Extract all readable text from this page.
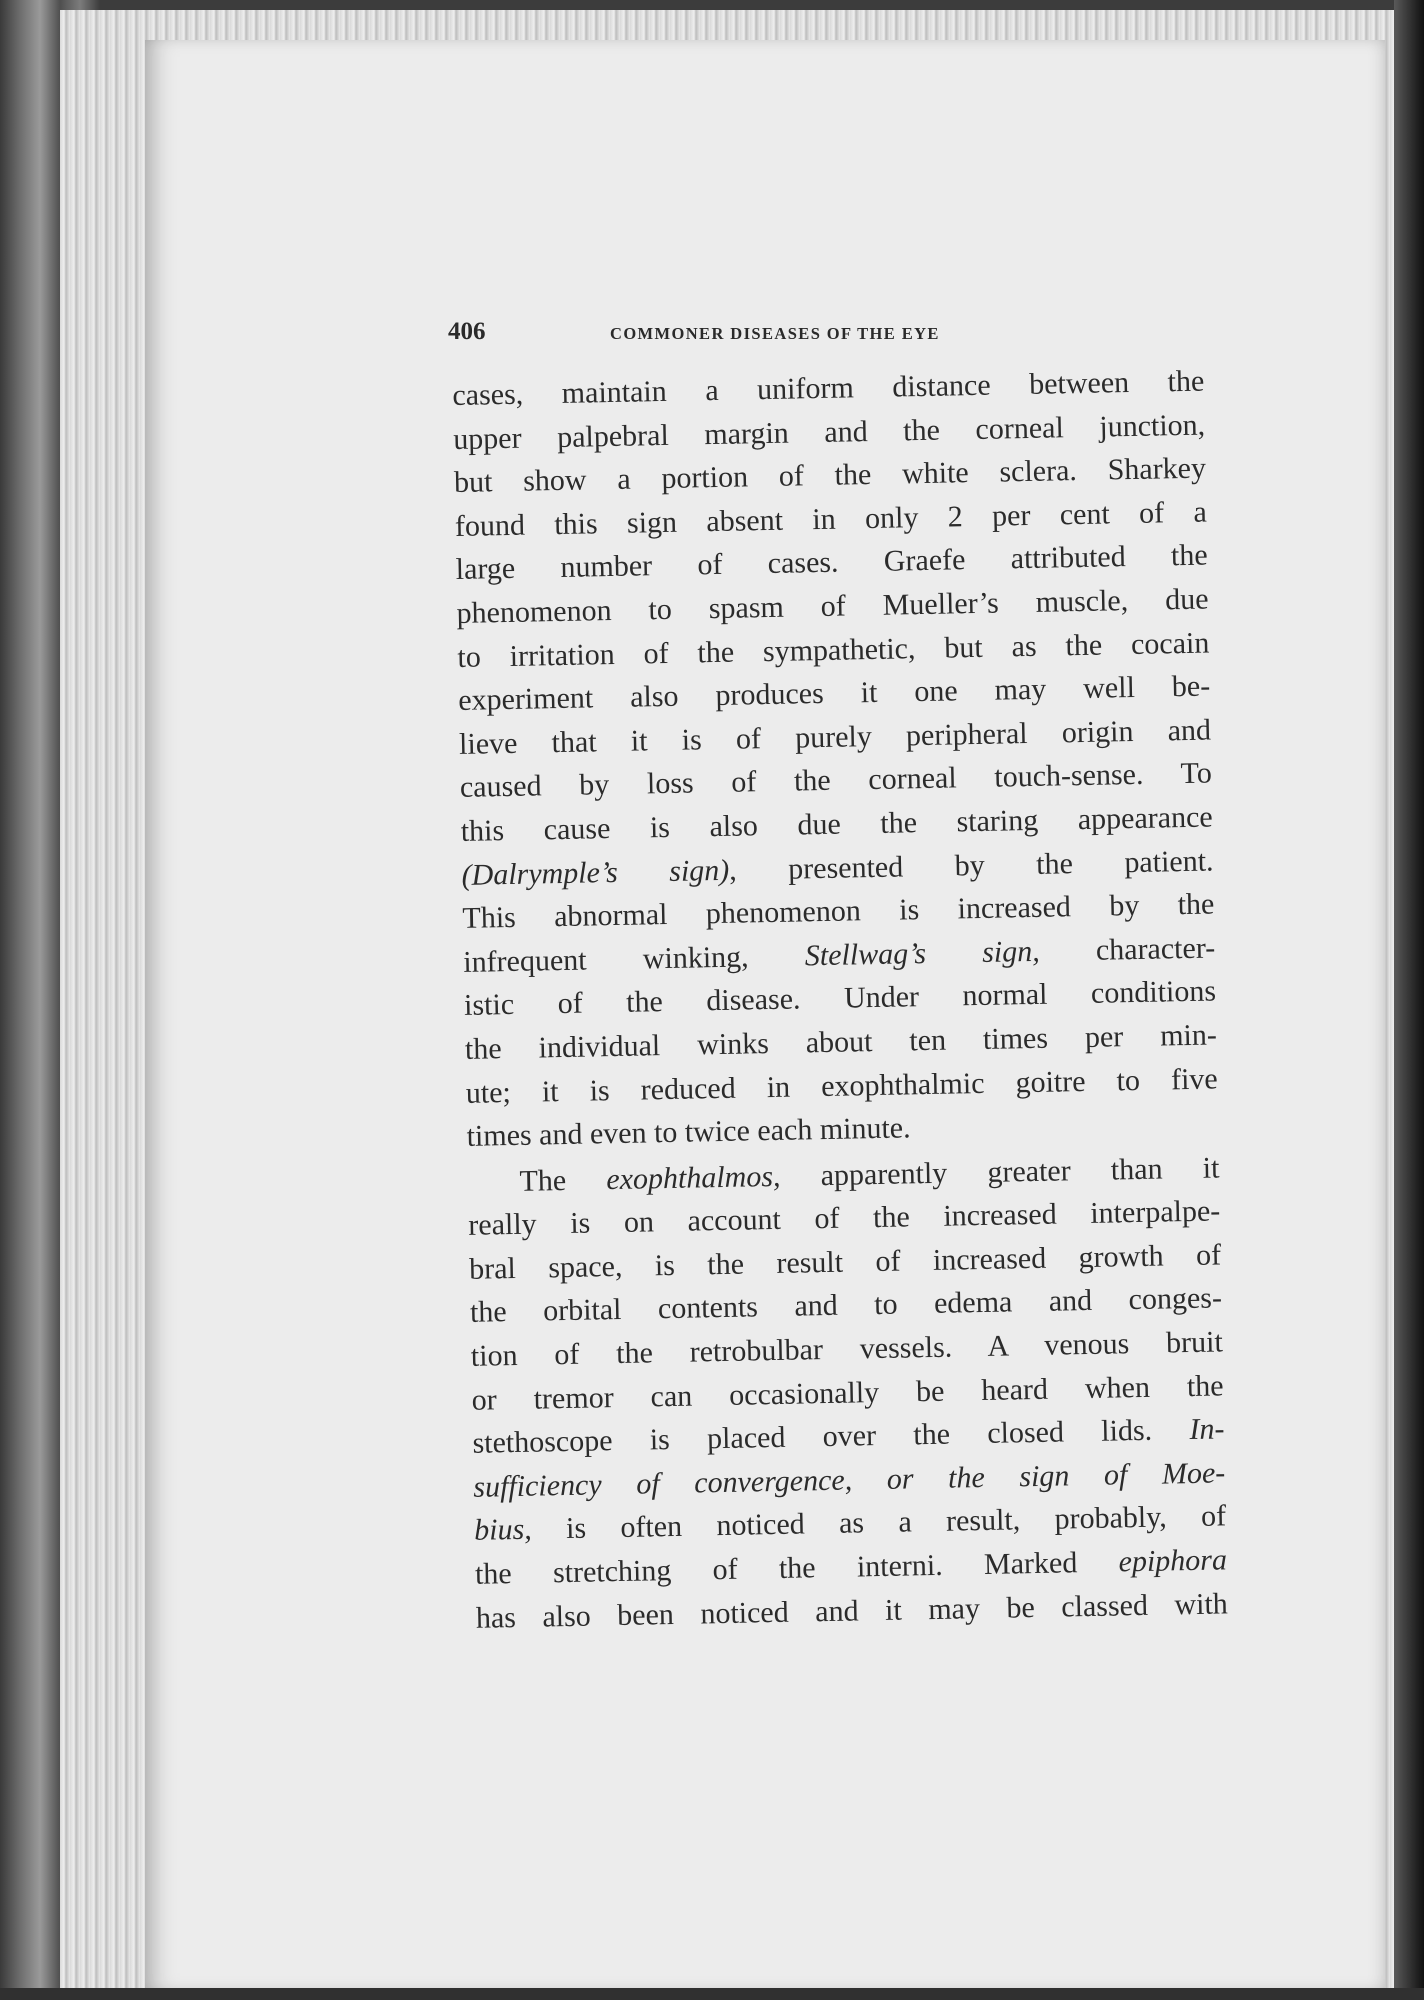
406	COMMONER DISEASES OF THE EYE
cases, maintain a uniform distance between the
upper palpebral margin and the corneal junction,
but show a portion of the white sclera. Sharkey
found this sign absent in only 2 per cent of a
large number of cases. Graefe attributed the
phenomenon to spasm of Mueller’s muscle, due
to irritation of the sympathetic, but as the cocain
experiment also produces it one may well be-
lieve that it is of purely peripheral origin and
caused by loss of the corneal touch-sense. To
this cause is also due the staring appearance
(Dalrymple’s sign), presented by the patient.
This abnormal phenomenon is increased by the
infrequent winking, Stellwag’s sign, character-
istic of the disease. Under normal conditions
the individual winks about ten times per min-
ute; it is reduced in exophthalmic goitre to five
times and even to twice each minute.
The exophthalmos, apparently greater than it
really is on account of the increased interpalpe-
bral space, is the result of increased growth of
the orbital contents and to edema and conges-
tion of the retrobulbar vessels. A venous bruit
or tremor can occasionally be heard when the
stethoscope is placed over the closed lids. In-
sufficiency of convergence, or the sign of Moe-
bius, is often noticed as a result, probably, of
the stretching of the interni. Marked epiphora
has also been noticed and it may be classed with
